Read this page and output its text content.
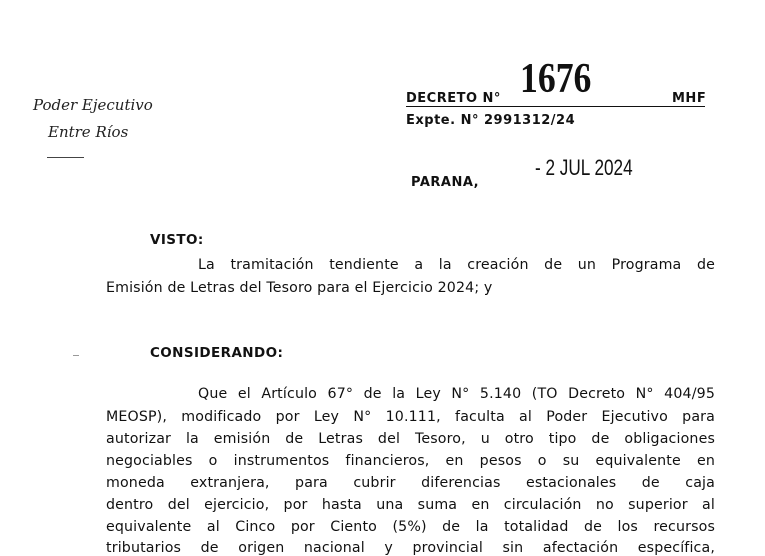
Poder Ejecutivo
Entre Ríos
DECRETO N° 1676	MHF
Expte. N° 2991312/24
PARANA,
- 2 JUL 2024
VISTO:
La tramitación tendiente a la creación de un Programa de
Emisión de Letras del Tesoro para el Ejercicio 2024; y
CONSIDERANDO:
Que el Artículo 67° de la Ley N° 5.140 (TO Decreto N° 404/95
MEOSP), modificado por Ley N° 10.111, faculta al Poder Ejecutivo para
autorizar la emisión de Letras del Tesoro, u otro tipo de obligaciones
negociables o instrumentos financieros, en pesos o su equivalente en
moneda extranjera, para cubrir diferencias estacionales de caja
dentro del ejercicio, por hasta una suma en circulación no superior al
equivalente al Cinco por Ciento (5%) de la totalidad de los recursos
tributarios de origen nacional y provincial sin afectación específica,
